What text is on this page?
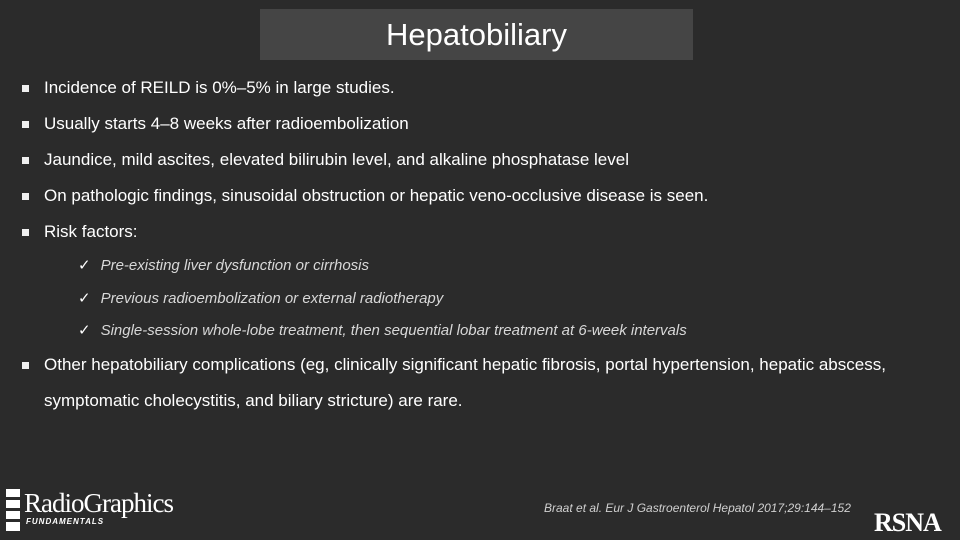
Hepatobiliary
Incidence of REILD is 0%–5% in large studies.
Usually starts 4–8 weeks after radioembolization
Jaundice, mild ascites, elevated bilirubin level, and alkaline phosphatase level
On pathologic findings, sinusoidal obstruction or hepatic veno-occlusive disease is seen.
Risk factors:
✓ Pre-existing liver dysfunction or cirrhosis
✓ Previous radioembolization or external radiotherapy
✓ Single-session whole-lobe treatment, then sequential lobar treatment at 6-week intervals
Other hepatobiliary complications (eg, clinically significant hepatic fibrosis, portal hypertension, hepatic abscess, symptomatic cholecystitis, and biliary stricture) are rare.
RadioGraphics
FUNDAMENTALS
Braat et al. Eur J Gastroenterol Hepatol 2017;29:144–152 RSNA
